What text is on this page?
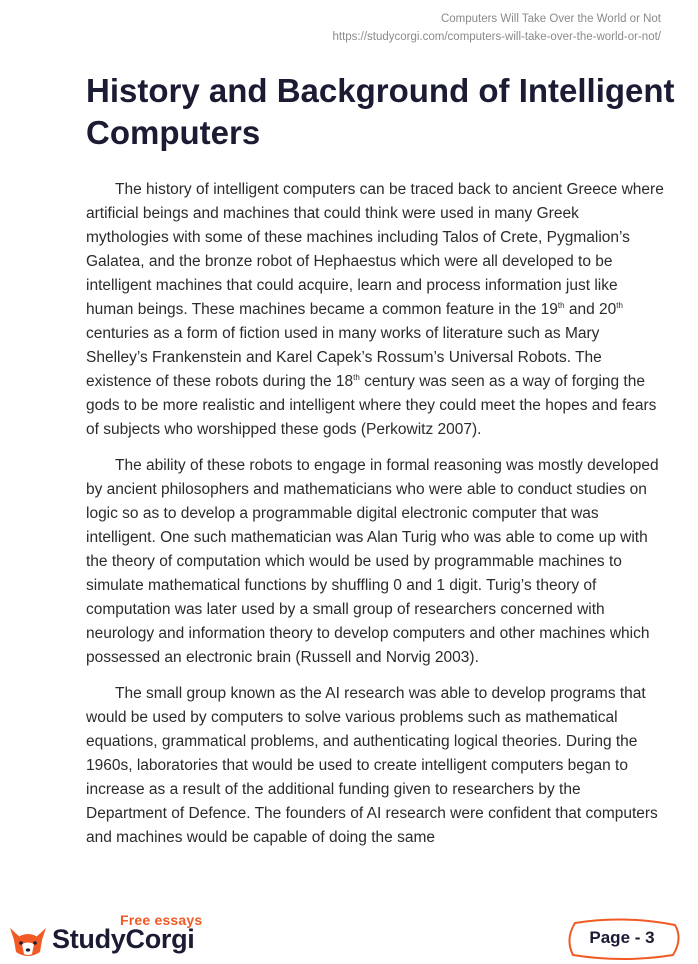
Computers Will Take Over the World or Not
https://studycorgi.com/computers-will-take-over-the-world-or-not/
History and Background of Intelligent Computers

The history of intelligent computers can be traced back to ancient Greece where artificial beings and machines that could think were used in many Greek mythologies with some of these machines including Talos of Crete, Pygmalion’s Galatea, and the bronze robot of Hephaestus which were all developed to be intelligent machines that could acquire, learn and process information just like human beings. These machines became a common feature in the 19th and 20th centuries as a form of fiction used in many works of literature such as Mary Shelley’s Frankenstein and Karel Capek’s Rossum’s Universal Robots. The existence of these robots during the 18th century was seen as a way of forging the gods to be more realistic and intelligent where they could meet the hopes and fears of subjects who worshipped these gods (Perkowitz 2007).

The ability of these robots to engage in formal reasoning was mostly developed by ancient philosophers and mathematicians who were able to conduct studies on logic so as to develop a programmable digital electronic computer that was intelligent. One such mathematician was Alan Turig who was able to come up with the theory of computation which would be used by programmable machines to simulate mathematical functions by shuffling 0 and 1 digit. Turig’s theory of computation was later used by a small group of researchers concerned with neurology and information theory to develop computers and other machines which possessed an electronic brain (Russell and Norvig 2003).

The small group known as the AI research was able to develop programs that would be used by computers to solve various problems such as mathematical equations, grammatical problems, and authenticating logical theories. During the 1960s, laboratories that would be used to create intelligent computers began to increase as a result of the additional funding given to researchers by the Department of Defence. The founders of AI research were confident that computers and machines would be capable of doing the same

Free essays
StudyCorgi	Page - 3
